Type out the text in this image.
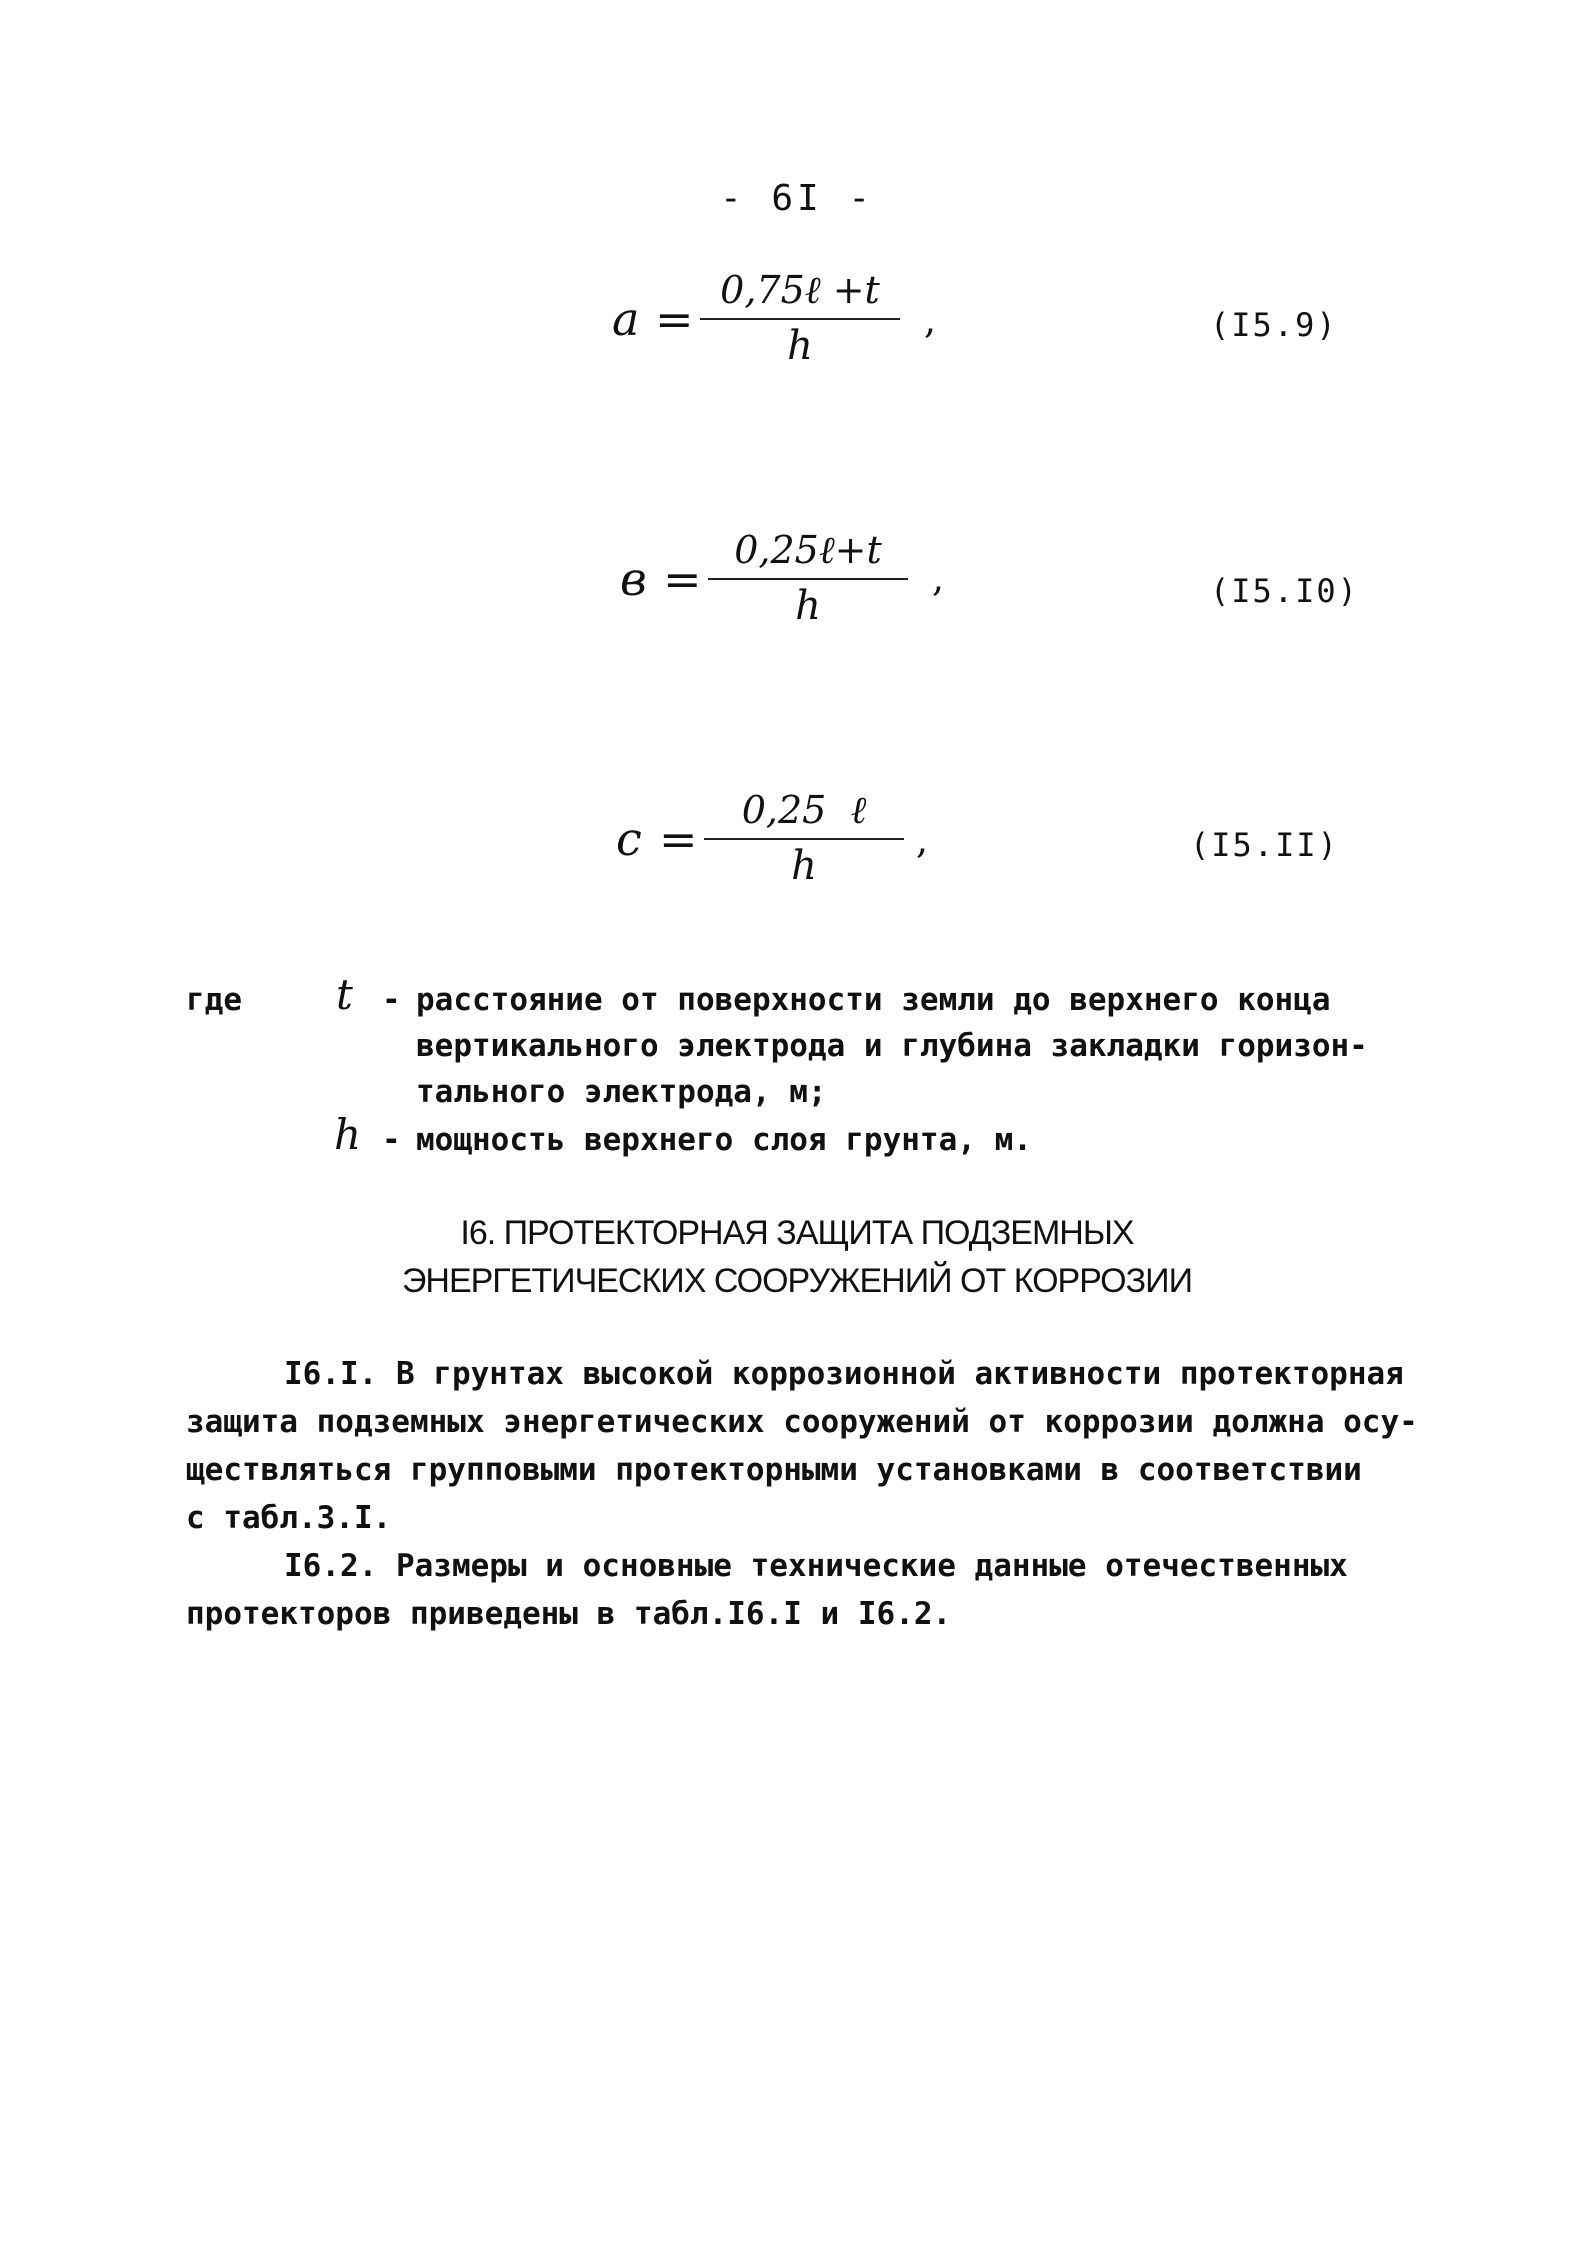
- 6I -
a =
0,75ℓ +t
h
,	(I5.9)
в =
0,25ℓ+t
h
,	(I5.I0)
c =
0,25  ℓ
h
,	(I5.II)
где t - расстояние от поверхности земли до верхнего конца
вертикального электрода и глубина закладки горизон-
тального электрода, м;
h - мощность верхнего слоя грунта, м.
I6. ПРОТЕКТОРНАЯ ЗАЩИТА ПОДЗЕМНЫХ
ЭНЕРГЕТИЧЕСКИХ СООРУЖЕНИЙ ОТ КОРРОЗИИ
I6.I. В грунтах высокой коррозионной активности протекторная
защита подземных энергетических сооружений от коррозии должна осу-
ществляться групповыми протекторными установками в соответствии
с табл.3.I.
I6.2. Размеры и основные технические данные отечественных
протекторов приведены в табл.I6.I и I6.2.
